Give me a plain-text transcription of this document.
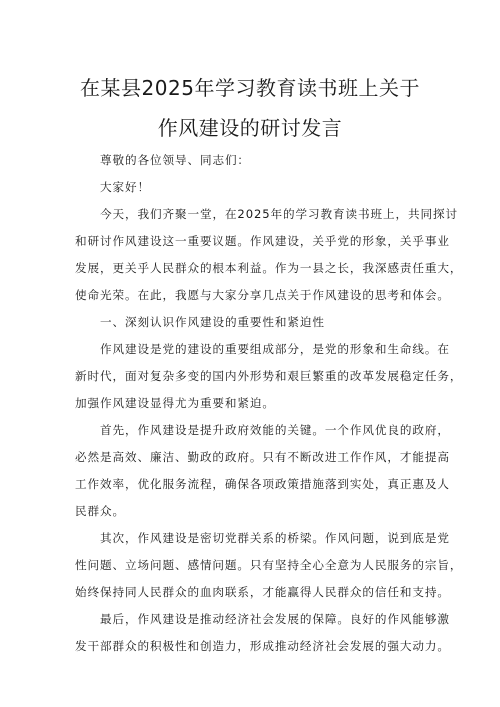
在某县2025年学习教育读书班上关于
作风建设的研讨发言
尊敬的各位领导、同志们：
大家好！
今天，我们齐聚一堂，在2025年的学习教育读书班上，共同探讨
和研讨作风建设这一重要议题。作风建设，关乎党的形象，关乎事业
发展，更关乎人民群众的根本利益。作为一县之长，我深感责任重大，
使命光荣。在此，我愿与大家分享几点关于作风建设的思考和体会。
一、深刻认识作风建设的重要性和紧迫性
作风建设是党的建设的重要组成部分，是党的形象和生命线。在
新时代，面对复杂多变的国内外形势和艰巨繁重的改革发展稳定任务，
加强作风建设显得尤为重要和紧迫。
首先，作风建设是提升政府效能的关键。一个作风优良的政府，
必然是高效、廉洁、勤政的政府。只有不断改进工作作风，才能提高
工作效率，优化服务流程，确保各项政策措施落到实处，真正惠及人
民群众。
其次，作风建设是密切党群关系的桥梁。作风问题，说到底是党
性问题、立场问题、感情问题。只有坚持全心全意为人民服务的宗旨，
始终保持同人民群众的血肉联系，才能赢得人民群众的信任和支持。
最后，作风建设是推动经济社会发展的保障。良好的作风能够激
发干部群众的积极性和创造力，形成推动经济社会发展的强大动力。
